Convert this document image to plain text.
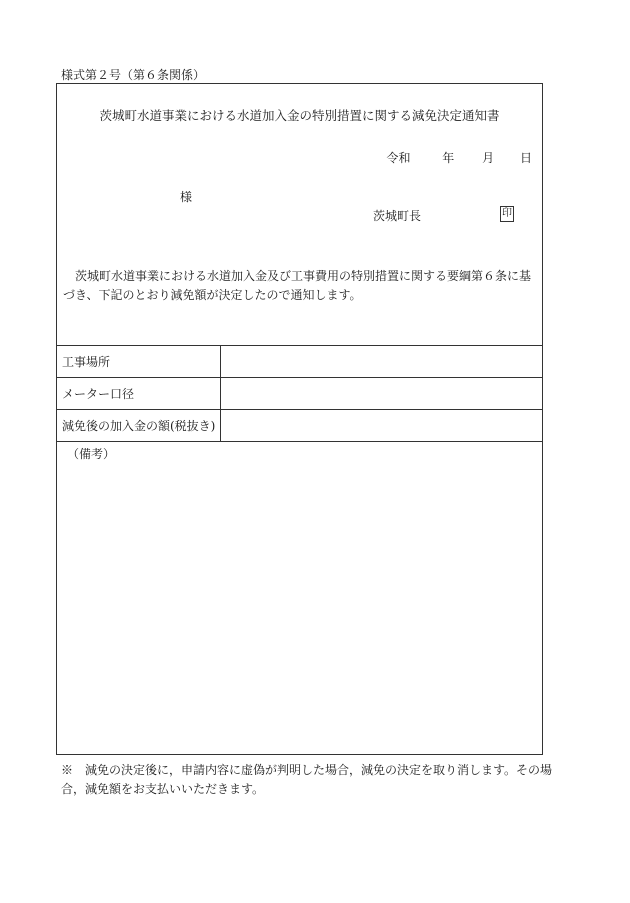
様式第２号（第６条関係）
茨城町水道事業における水道加入金の特別措置に関する減免決定通知書
令和	年 月 日
様
茨城町長	印
茨城町水道事業における水道加入金及び工事費用の特別措置に関する要綱第６条に基づき、下記のとおり減免額が決定したので通知します。
工事場所	
メーター口径	
減免後の加入金の額(税抜き)	
（備考）
※　減免の決定後に，申請内容に虚偽が判明した場合，減免の決定を取り消します。その場合，減免額をお支払いいただきます。
